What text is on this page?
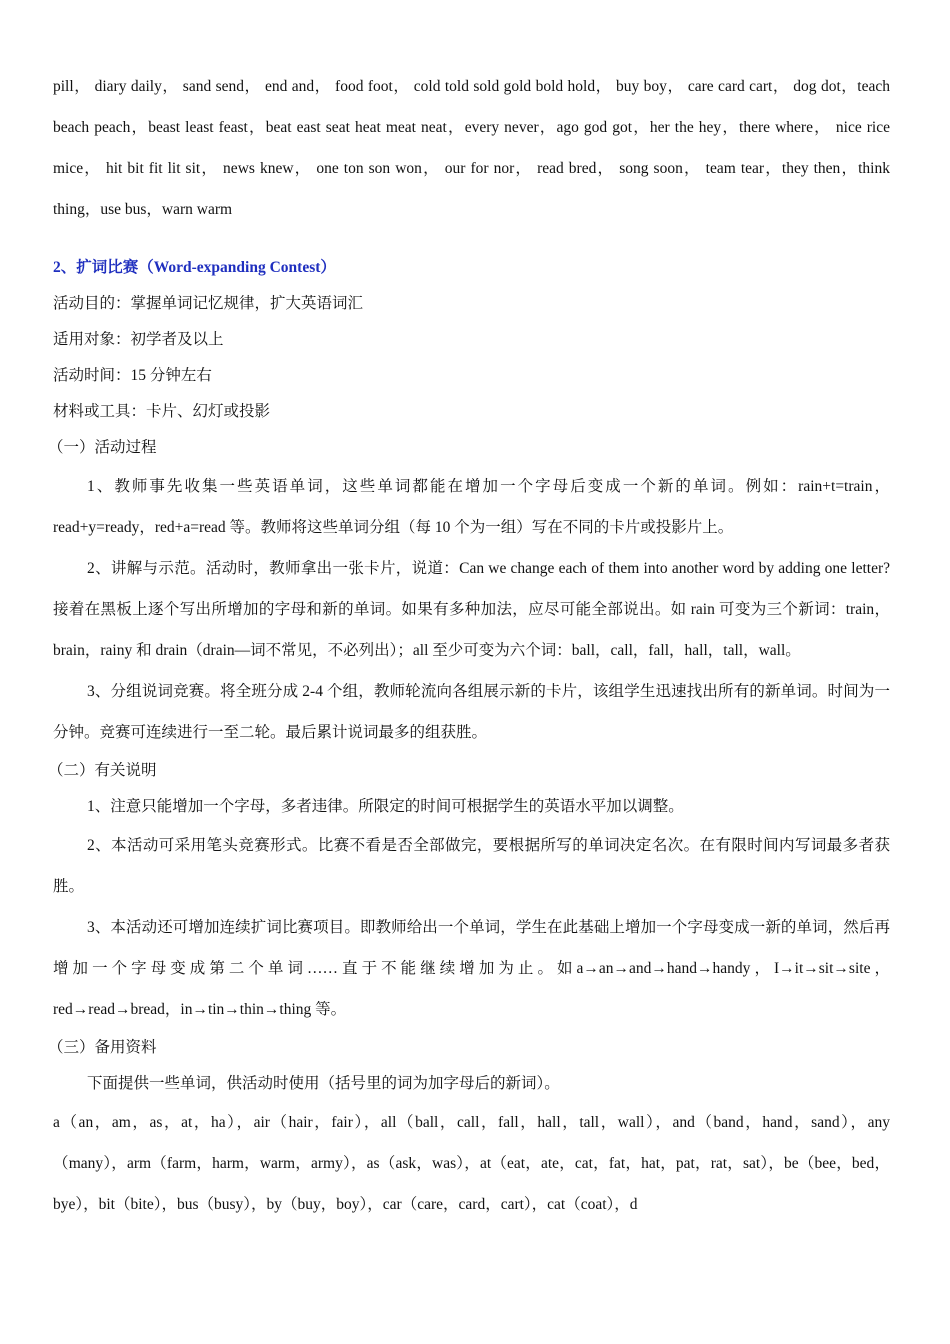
pill， diary daily， sand send， end and， food foot， cold told sold gold bold hold， buy boy， care card cart， dog dot，teach beach peach，beast least feast，beat east seat heat meat neat，every never，ago god got，her the hey，there where， nice rice mice， hit bit fit lit sit， news knew， one ton son won， our for nor， read bred， song soon， team tear，they then，think thing，use bus，warn warm

2、扩词比赛（Word-expanding Contest）

活动目的：掌握单词记忆规律，扩大英语词汇

适用对象：初学者及以上

活动时间：15 分钟左右

材料或工具：卡片、幻灯或投影

（一）活动过程

1、教师事先收集一些英语单词，这些单词都能在增加一个字母后变成一个新的单词。例如：rain+t=train，read+y=ready，red+a=read 等。教师将这些单词分组（每 10 个为一组）写在不同的卡片或投影片上。

2、讲解与示范。活动时，教师拿出一张卡片，说道：Can we change each of them into another word by adding one letter?接着在黑板上逐个写出所增加的字母和新的单词。如果有多种加法，应尽可能全部说出。如 rain 可变为三个新词：train，brain，rainy 和 drain（drain—词不常见，不必列出）；all 至少可变为六个词：ball，call，fall，hall，tall，wall。

3、分组说词竞赛。将全班分成 2-4 个组，教师轮流向各组展示新的卡片，该组学生迅速找出所有的新单词。时间为一分钟。竞赛可连续进行一至二轮。最后累计说词最多的组获胜。

（二）有关说明

1、注意只能增加一个字母，多者违律。所限定的时间可根据学生的英语水平加以调整。

2、本活动可采用笔头竞赛形式。比赛不看是否全部做完，要根据所写的单词决定名次。在有限时间内写词最多者获胜。

3、本活动还可增加连续扩词比赛项目。即教师给出一个单词，学生在此基础上增加一个字母变成一新的单词，然后再增加一个字母变成第二个单词……直于不能继续增加为止。如a→an→and→hand→handy，I→it→sit→site，red→read→bread，in→tin→thin→thing 等。

（三）备用资料

下面提供一些单词，供活动时使用（括号里的词为加字母后的新词）。

a（an，am，as，at，ha），air（hair，fair），all（ball，call，fall，hall，tall，wall），and（band，hand，sand），any（many），arm（farm，harm，warm，army），as（ask，was），at（eat，ate，cat，fat，hat，pat，rat，sat），be（bee，bed，bye），bit（bite），bus（busy），by（buy，boy），car（care，card，cart），cat（coat），d
